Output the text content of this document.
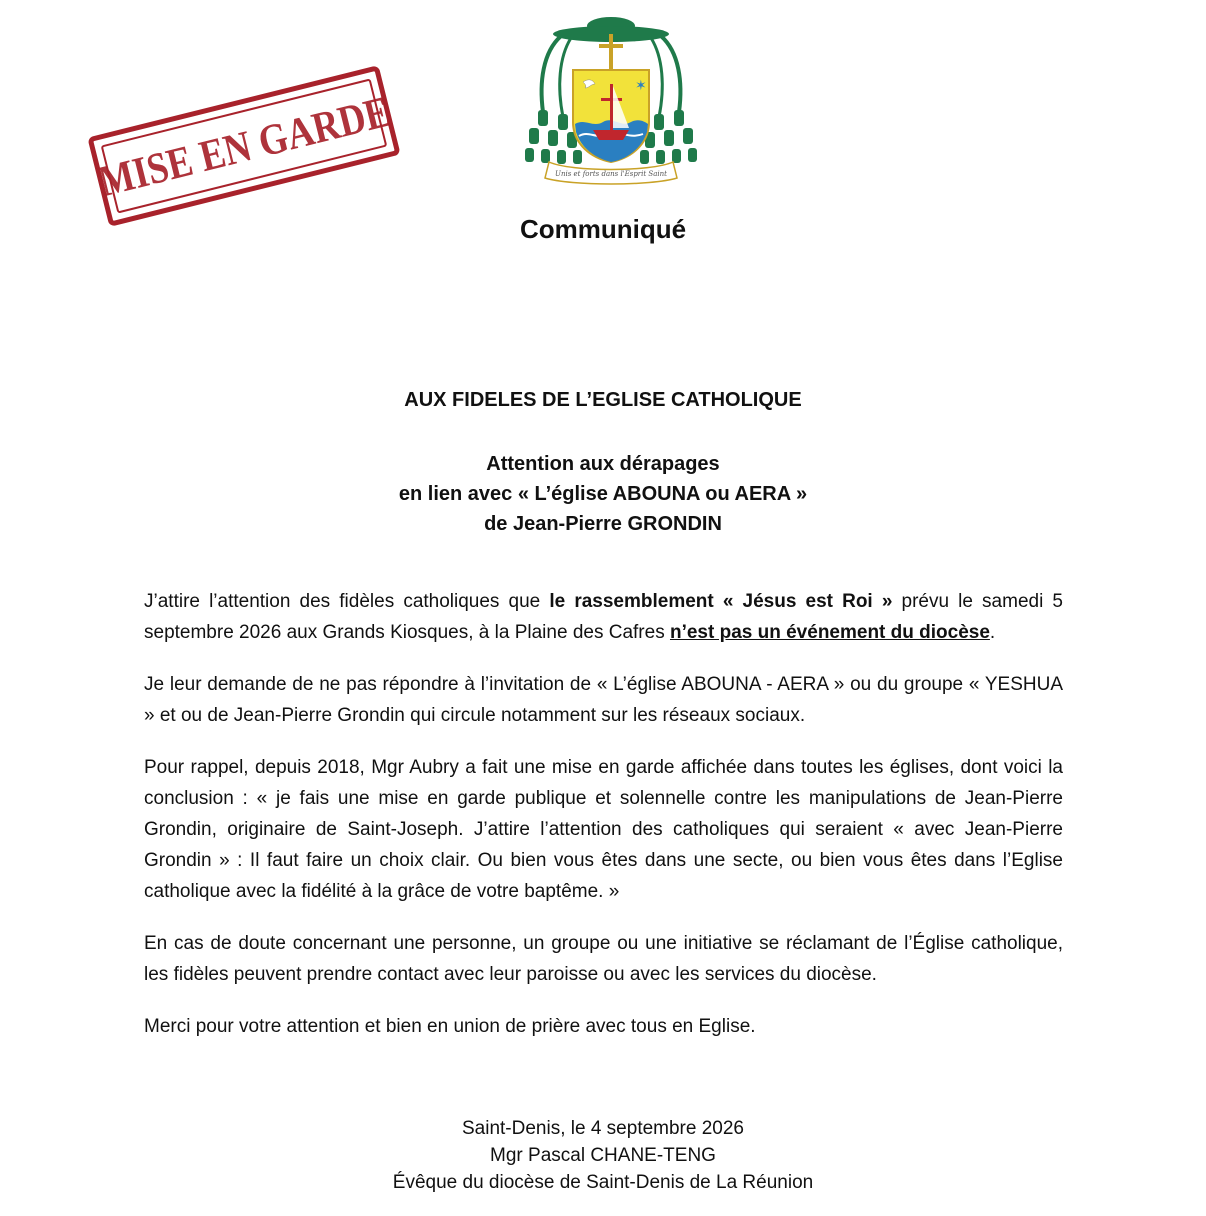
MISE EN GARDE
✶
Unis et forts dans l'Esprit Saint
Communiqué
AUX FIDELES DE L’EGLISE CATHOLIQUE
Attention aux dérapages
en lien avec « L’église ABOUNA ou AERA »
de Jean-Pierre GRONDIN

J’attire l’attention des fidèles catholiques que le rassemblement « Jésus est Roi » prévu le samedi 5 septembre 2026 aux Grands Kiosques, à la Plaine des Cafres n’est pas un événement du diocèse.

Je leur demande de ne pas répondre à l’invitation de « L’église ABOUNA - AERA » ou du groupe « YESHUA » et ou de Jean-Pierre Grondin qui circule notamment sur les réseaux sociaux.

Pour rappel, depuis 2018, Mgr Aubry a fait une mise en garde affichée dans toutes les églises, dont voici la conclusion : « je fais une mise en garde publique et solennelle contre les manipulations de Jean-Pierre Grondin, originaire de Saint-Joseph. J’attire l’attention des catholiques qui seraient « avec Jean-Pierre Grondin » : Il faut faire un choix clair. Ou bien vous êtes dans une secte, ou bien vous êtes dans l’Eglise catholique avec la fidélité à la grâce de votre baptême. »

En cas de doute concernant une personne, un groupe ou une initiative se réclamant de l’Église catholique, les fidèles peuvent prendre contact avec leur paroisse ou avec les services du diocèse.

Merci pour votre attention et bien en union de prière avec tous en Eglise.

Saint-Denis, le 4 septembre 2026
Mgr Pascal CHANE-TENG
Évêque du diocèse de Saint-Denis de La Réunion
